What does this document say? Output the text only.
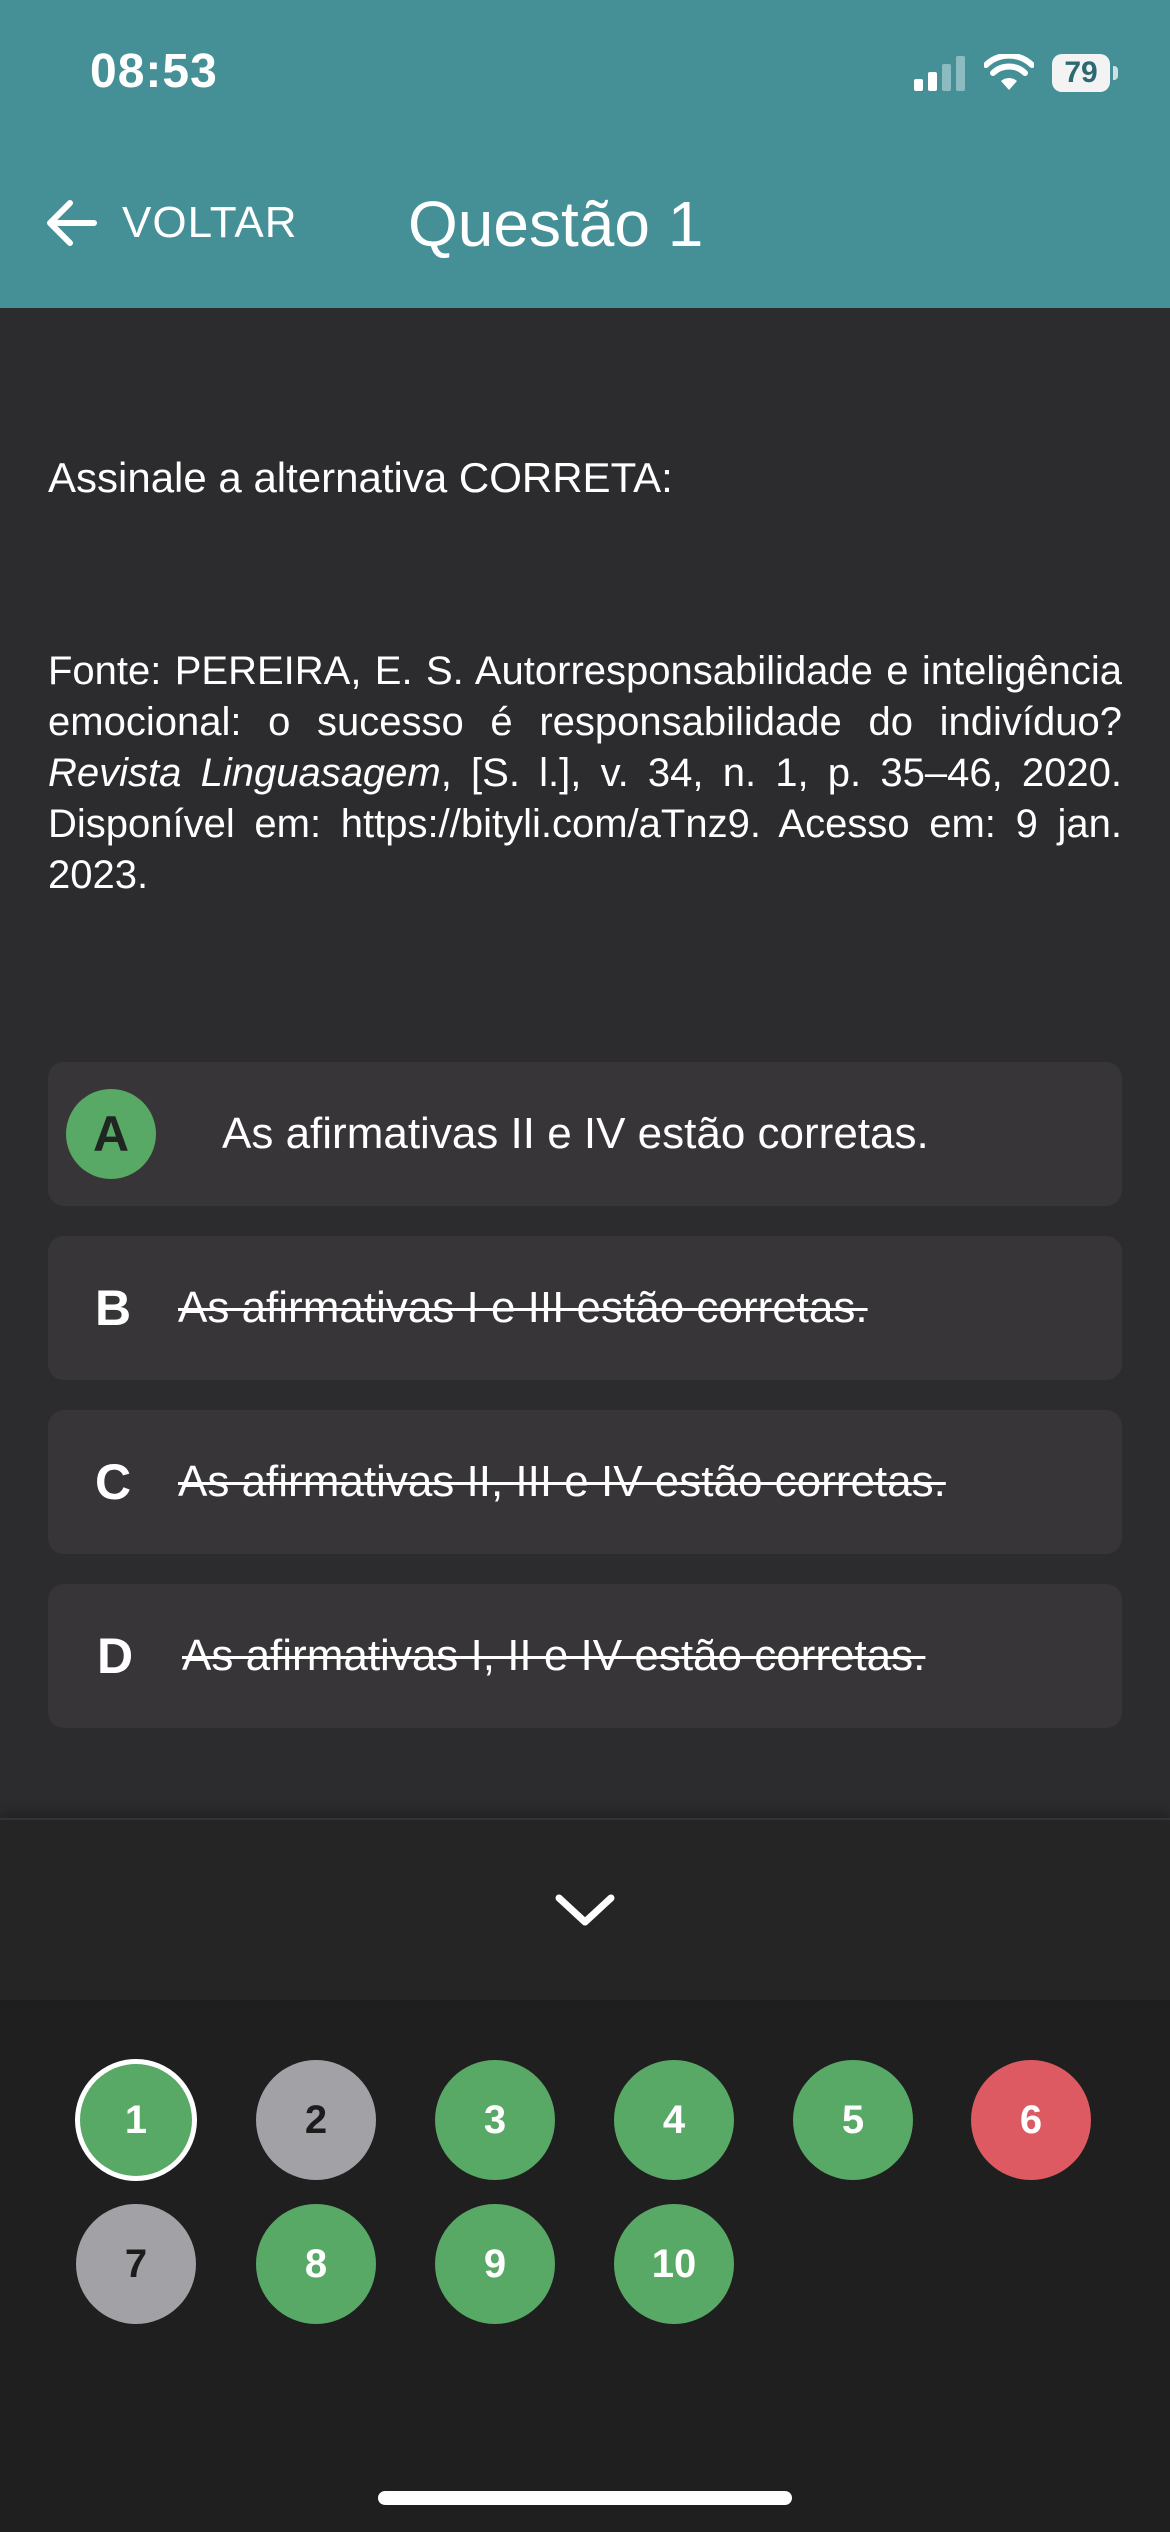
08:53	79
VOLTAR Questão 1
Assinale a alternativa CORRETA:

Fonte: PEREIRA, E. S. Autorresponsabilidade e inteligência emocional: o sucesso é responsabilidade do indivíduo? Revista Linguasagem, [S. l.], v. 34, n. 1, p. 35–46, 2020. Disponível em: https://bityli.com/aTnz9. Acesso em: 9 jan. 2023.

A	As afirmativas II e IV estão corretas.
B	As afirmativas I e III estão corretas.
C	As afirmativas II, III e IV estão corretas.
D	As afirmativas I, II e IV estão corretas.
1	2	3	4	5	6
7	8	9	10
